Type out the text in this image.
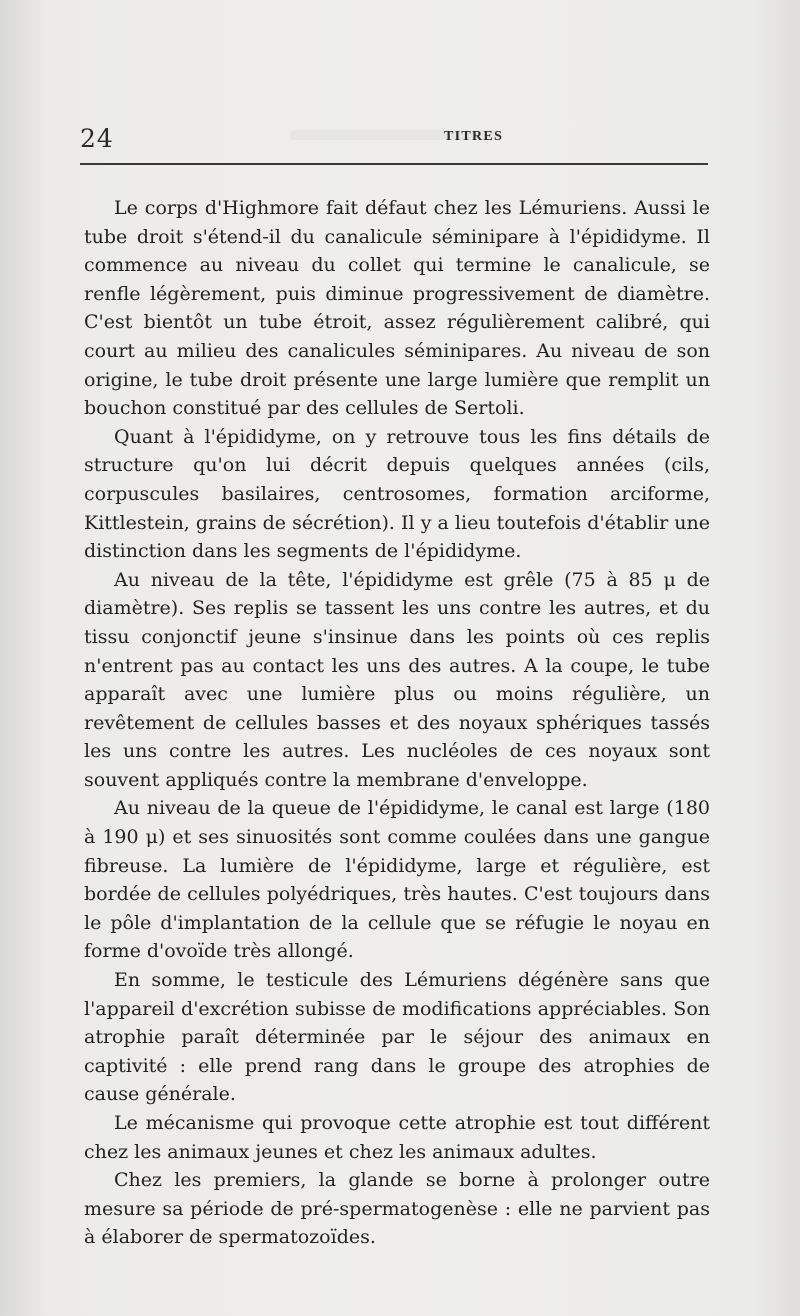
24	TITRES

Le corps d'Highmore fait défaut chez les Lémuriens. Aussi le tube droit s'étend-il du canalicule séminipare à l'épididyme. Il commence au niveau du collet qui termine le canalicule, se renfle légèrement, puis diminue progressivement de diamètre. C'est bientôt un tube étroit, assez régulièrement calibré, qui court au milieu des canalicules séminipares. Au niveau de son origine, le tube droit présente une large lumière que remplit un bouchon constitué par des cellules de Sertoli.

Quant à l'épididyme, on y retrouve tous les fins détails de structure qu'on lui décrit depuis quelques années (cils, corpuscules basilaires, centrosomes, formation arciforme, Kittlestein, grains de sécrétion). Il y a lieu toutefois d'établir une distinction dans les segments de l'épididyme.

Au niveau de la tête, l'épididyme est grêle (75 à 85 μ de diamètre). Ses replis se tassent les uns contre les autres, et du tissu conjonctif jeune s'insinue dans les points où ces replis n'entrent pas au contact les uns des autres. A la coupe, le tube apparaît avec une lumière plus ou moins régulière, un revêtement de cellules basses et des noyaux sphériques tassés les uns contre les autres. Les nucléoles de ces noyaux sont souvent appliqués contre la membrane d'enveloppe.

Au niveau de la queue de l'épididyme, le canal est large (180 à 190 μ) et ses sinuosités sont comme coulées dans une gangue fibreuse. La lumière de l'épididyme, large et régulière, est bordée de cellules polyédriques, très hautes. C'est toujours dans le pôle d'implantation de la cellule que se réfugie le noyau en forme d'ovoïde très allongé.

En somme, le testicule des Lémuriens dégénère sans que l'appareil d'excrétion subisse de modifications appréciables. Son atrophie paraît déterminée par le séjour des animaux en captivité : elle prend rang dans le groupe des atrophies de cause générale.

Le mécanisme qui provoque cette atrophie est tout différent chez les animaux jeunes et chez les animaux adultes.

Chez les premiers, la glande se borne à prolonger outre mesure sa période de pré-spermatogenèse : elle ne parvient pas à élaborer de spermatozoïdes.
